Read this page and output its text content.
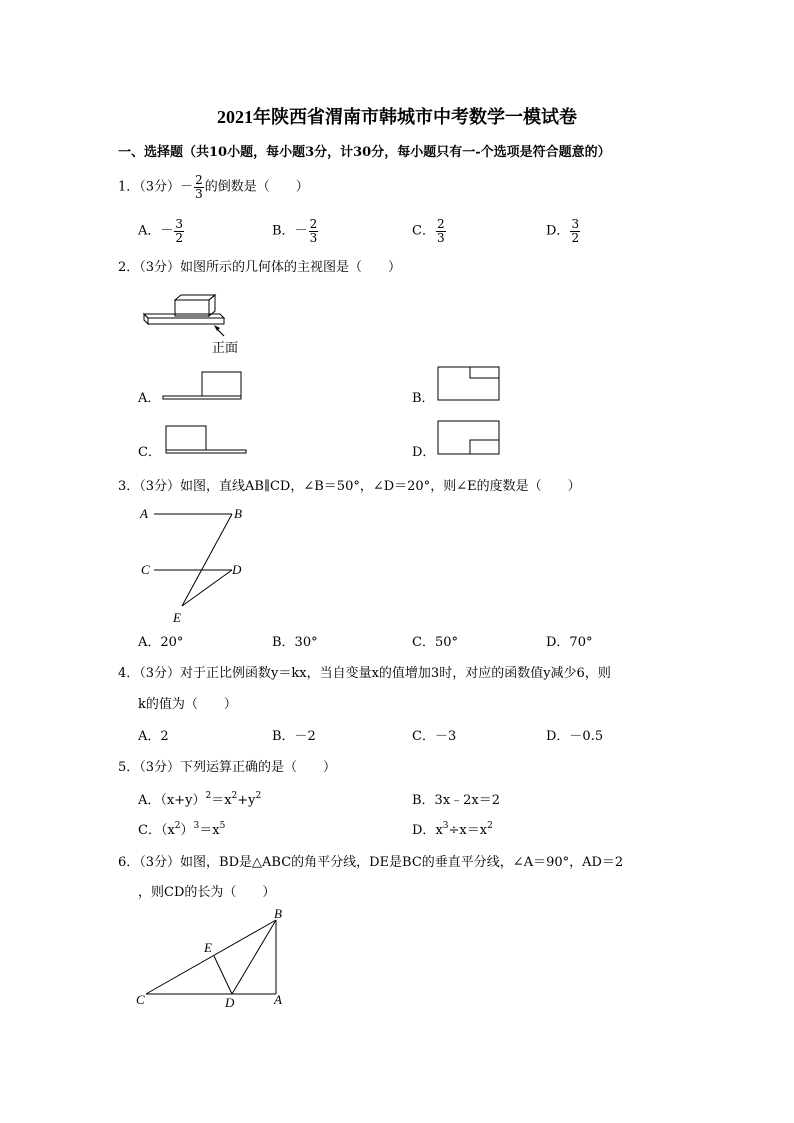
2021年陕西省渭南市韩城市中考数学一模试卷
一、选择题（共10小题，每小题3分，计30分，每小题只有一-个选项是符合题意的）
1．（3分）－ $\frac{2}{3}$ 的倒数是（　　）
A．－ $\frac{3}{2}$	B．－ $\frac{2}{3}$	C． $\frac{2}{3}$	D． $\frac{3}{2}$
2．（3分）如图所示的几何体的主视图是（　　）
正面
A．	B．
C．	D．
3．（3分）如图，直线AB∥CD，∠B＝50°，∠D＝20°，则∠E的度数是（　　）
A	B
C	D
E
A．20°	B．30°	C．50°	D．70°
4．（3分）对于正比例函数y＝kx，当自变量x的值增加3时，对应的函数值y减少6，则
k的值为（　　）
A．2	B．－2	C．－3	D．－0.5
5．（3分）下列运算正确的是（　　）
A．$(x+y)^2=x^2+y^2$	B．3x﹣2x＝2
C．$(x^2)^3=x^5$	D．$x^3\div x=x^2$
6．（3分）如图，BD是△ABC的角平分线，DE是BC的垂直平分线，∠A＝90°，AD＝2
，则CD的长为（　　）
B
A
C	D
E
